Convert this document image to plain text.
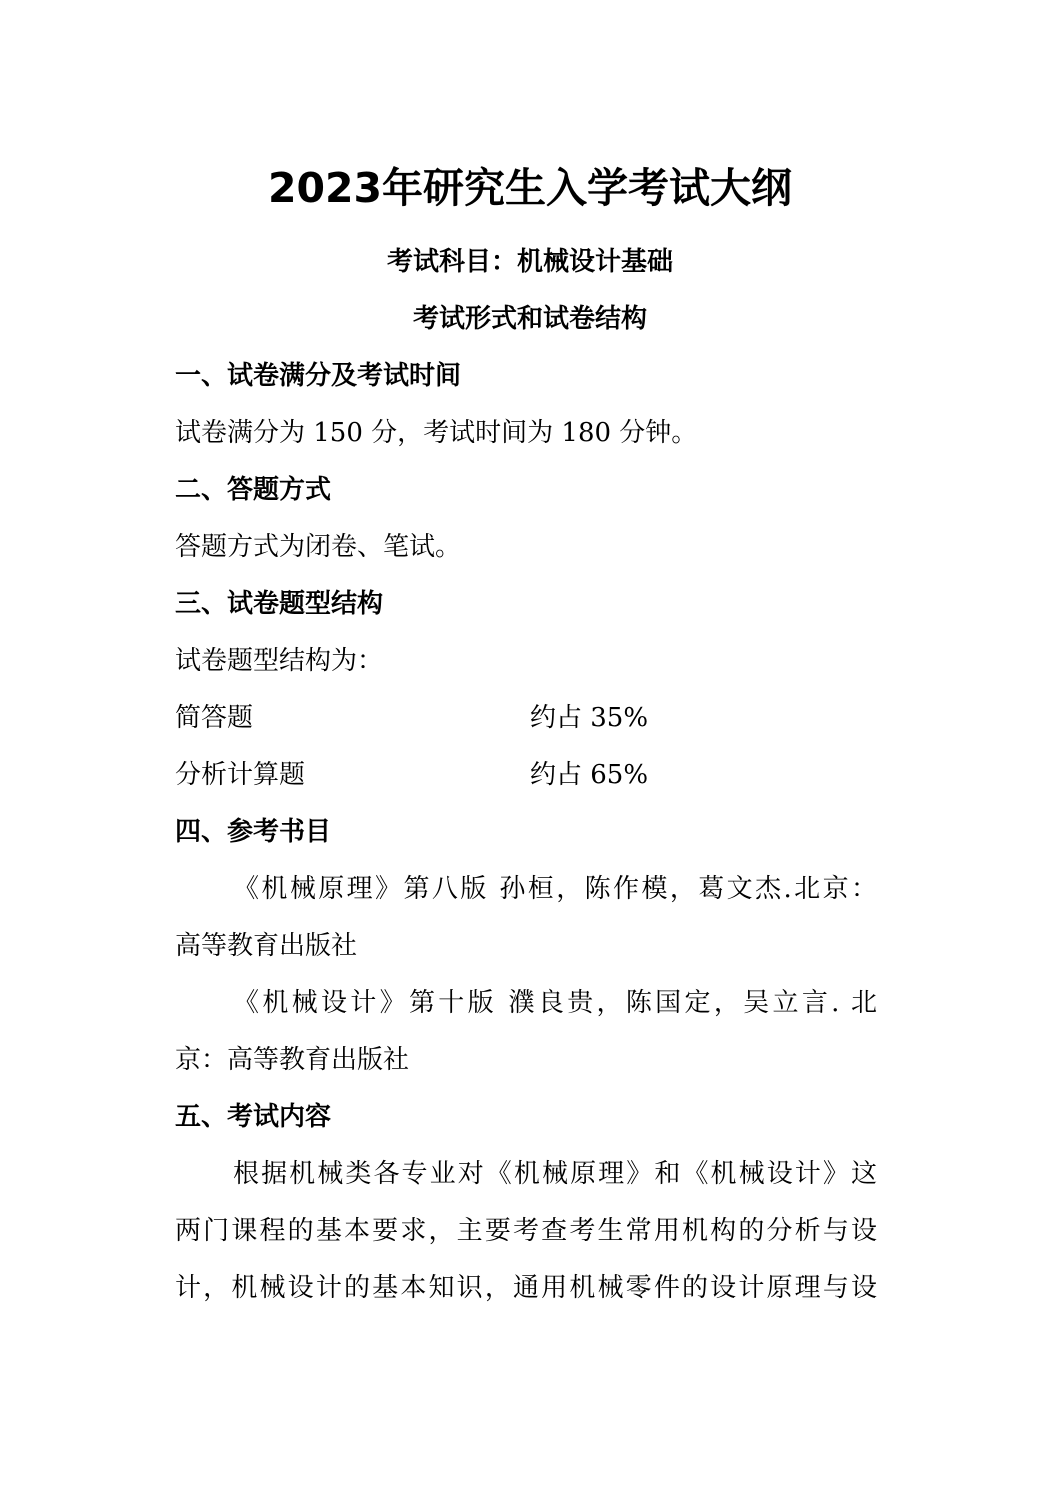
2023年研究生入学考试大纲
考试科目：机械设计基础
考试形式和试卷结构
一、试卷满分及考试时间
试卷满分为 150 分，考试时间为 180 分钟。
二、答题方式
答题方式为闭卷、笔试。
三、试卷题型结构
试卷题型结构为：
简答题	约占 35%
分析计算题	约占 65%
四、参考书目
《机械原理》第八版 孙桓，陈作模，葛文杰.北京：
高等教育出版社
《机械设计》第十版 濮良贵，陈国定，吴立言. 北
京：高等教育出版社
五、考试内容
根据机械类各专业对《机械原理》和《机械设计》这
两门课程的基本要求，主要考查考生常用机构的分析与设
计，机械设计的基本知识，通用机械零件的设计原理与设
